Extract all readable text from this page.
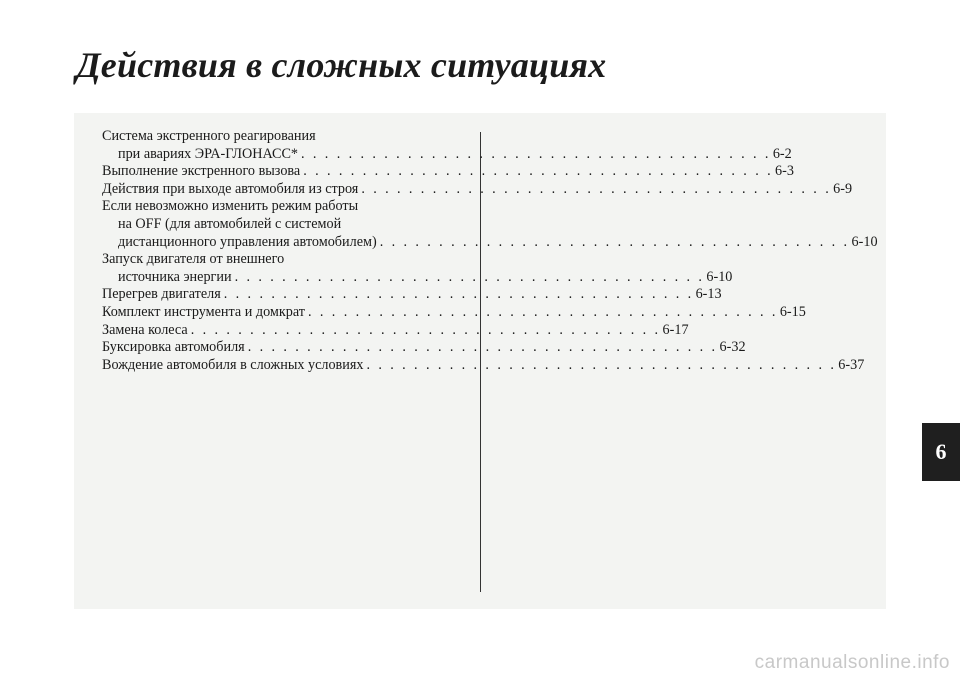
Действия в сложных ситуациях
Система экстренного реагирования
при авариях ЭРА-ГЛОНАСС* . . . . . . . . . . . . . . . . . . . . . . . . . . . . . . . . . . . . . . . . 6- 2
Выполнение экстренного вызова . . . . . . . . . . . . . . . . . . . . . . . . . . . . . . . . . . . . . . . . 6- 3
Действия при выходе автомобиля из строя . . . . . . . . . . . . . . . . . . . . . . . . . . . . . . . . . . . . . . . . 6- 9
Если невозможно изменить режим работы
на OFF (для автомобилей с системой
дистанционного управления автомобилем) . . . . . . . . . . . . . . . . . . . . . . . . . . . . . . . . . . . . . . . . 6- 10
Запуск двигателя от внешнего
источника энергии . . . . . . . . . . . . . . . . . . . . . . . . . . . . . . . . . . . . . . . . 6- 10
Перегрев двигателя . . . . . . . . . . . . . . . . . . . . . . . . . . . . . . . . . . . . . . . . 6- 13
Комплект инструмента и домкрат . . . . . . . . . . . . . . . . . . . . . . . . . . . . . . . . . . . . . . . . 6- 15
Замена колеса . . . . . . . . . . . . . . . . . . . . . . . . . . . . . . . . . . . . . . . . 6- 17
Буксировка автомобиля . . . . . . . . . . . . . . . . . . . . . . . . . . . . . . . . . . . . . . . . 6- 32
Вождение автомобиля в сложных условиях . . . . . . . . . . . . . . . . . . . . . . . . . . . . . . . . . . . . . . . . 6- 37
6
carmanualsonline.info
